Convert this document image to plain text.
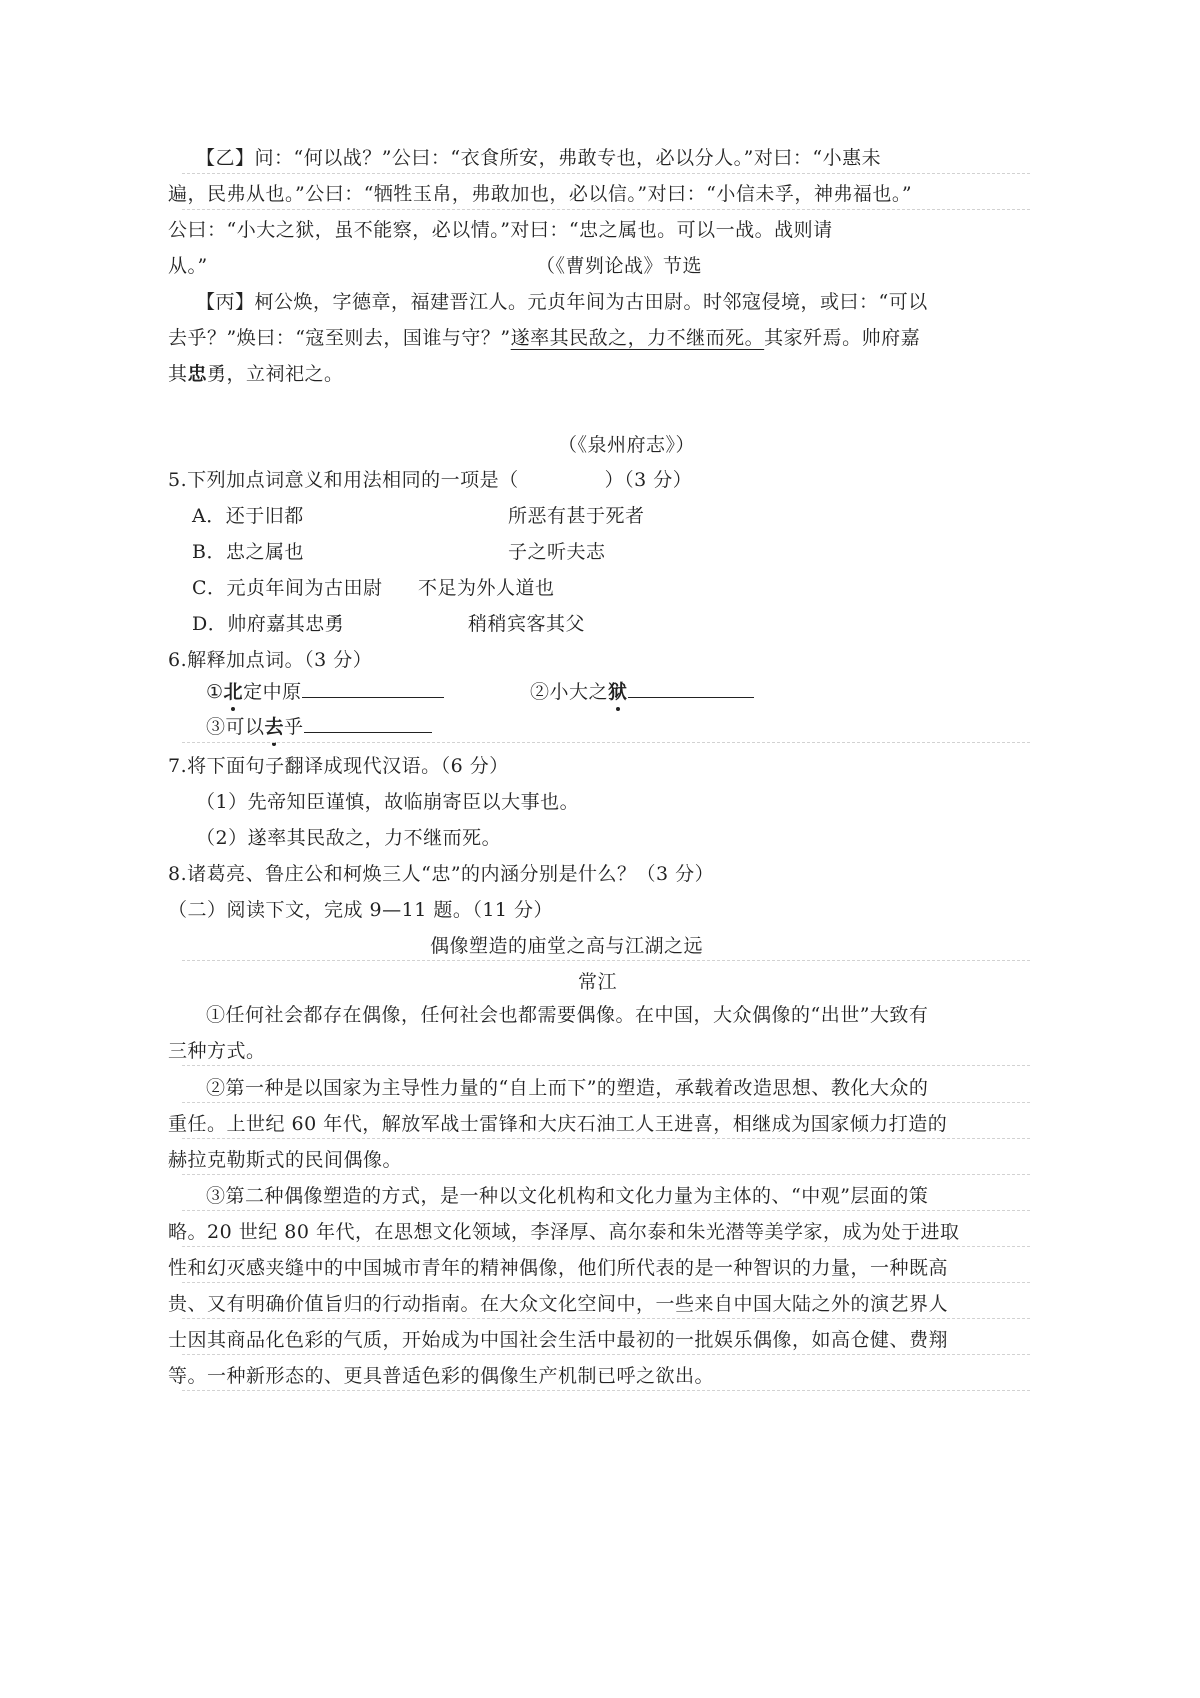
【乙】问：“何以战？”公曰：“衣食所安，弗敢专也，必以分人。”对曰：“小惠未
遍，民弗从也。”公曰：“牺牲玉帛，弗敢加也，必以信。”对曰：“小信未孚，神弗福也。”
公曰：“小大之狱，虽不能察，必以情。”对曰：“忠之属也。可以一战。战则请
从。”	（《曹刿论战》节选
【丙】柯公焕，字德章，福建晋江人。元贞年间为古田尉。时邻寇侵境，或曰：“可以
去乎？”焕曰：“寇至则去，国谁与守？”遂率其民敌之，力不继而死。其家歼焉。帅府嘉
其忠勇，立祠祀之。
（《泉州府志》）
5.下列加点词意义和用法相同的一项是（	）（3 分）
A．还于旧都	所恶有甚于死者
B．忠之属也	子之听夫志
C．元贞年间为古田尉 不足为外人道也
D．帅府嘉其忠勇	稍稍宾客其父
6.解释加点词。（3 分）
①北定中原	②小大之狱
③可以去乎
7.将下面句子翻译成现代汉语。（6 分）
（1）先帝知臣谨慎，故临崩寄臣以大事也。
（2）遂率其民敌之，力不继而死。
8.诸葛亮、鲁庄公和柯焕三人“忠”的内涵分别是什么？（3 分）
（二）阅读下文，完成 9—11 题。（11 分）
偶像塑造的庙堂之高与江湖之远
常江
①任何社会都存在偶像，任何社会也都需要偶像。在中国，大众偶像的“出世”大致有
三种方式。
②第一种是以国家为主导性力量的“自上而下”的塑造，承载着改造思想、教化大众的
重任。上世纪 60 年代，解放军战士雷锋和大庆石油工人王进喜，相继成为国家倾力打造的
赫拉克勒斯式的民间偶像。
③第二种偶像塑造的方式，是一种以文化机构和文化力量为主体的、“中观”层面的策
略。20 世纪 80 年代，在思想文化领域，李泽厚、高尔泰和朱光潜等美学家，成为处于进取
性和幻灭感夹缝中的中国城市青年的精神偶像，他们所代表的是一种智识的力量，一种既高
贵、又有明确价值旨归的行动指南。在大众文化空间中，一些来自中国大陆之外的演艺界人
士因其商品化色彩的气质，开始成为中国社会生活中最初的一批娱乐偶像，如高仓健、费翔
等。一种新形态的、更具普适色彩的偶像生产机制已呼之欲出。
